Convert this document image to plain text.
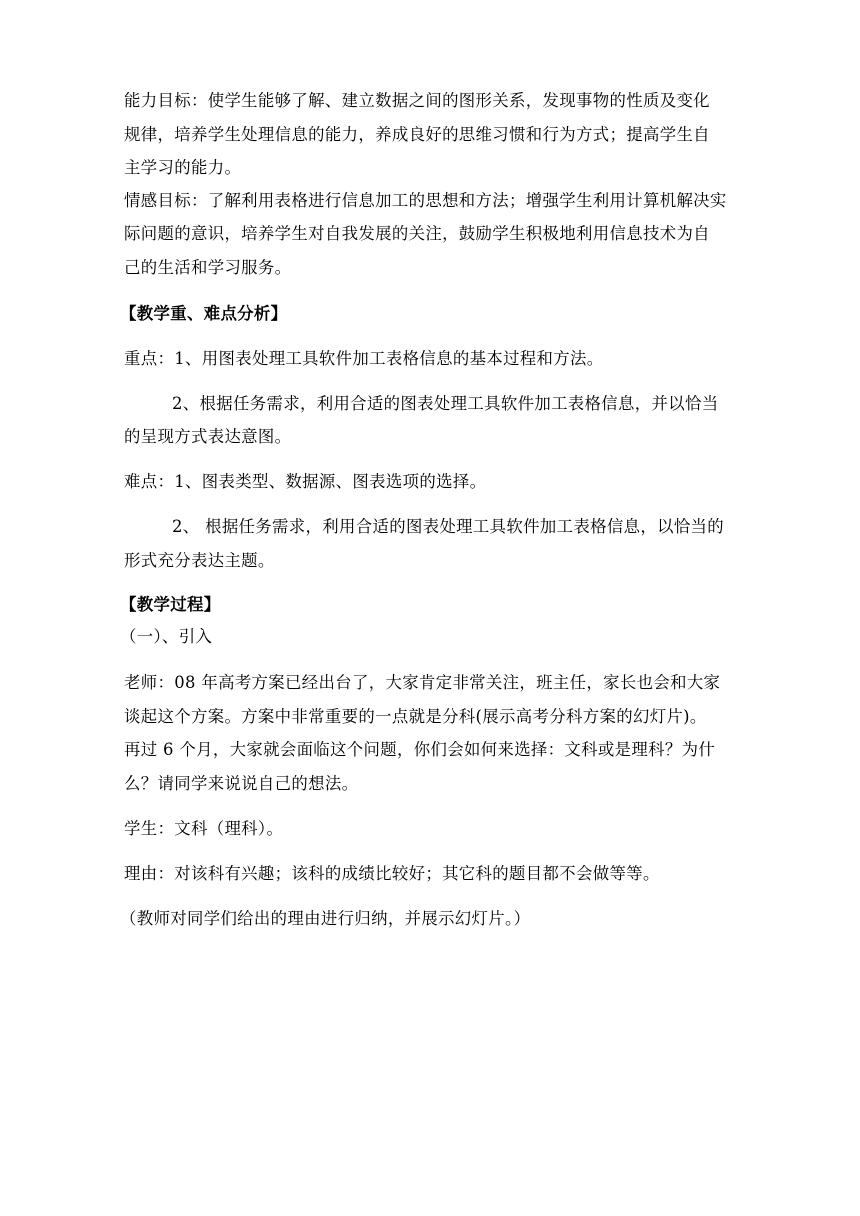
能力目标：使学生能够了解、建立数据之间的图形关系，发现事物的性质及变化
规律，培养学生处理信息的能力，养成良好的思维习惯和行为方式；提高学生自
主学习的能力。
情感目标：了解利用表格进行信息加工的思想和方法；增强学生利用计算机解决实
际问题的意识，培养学生对自我发展的关注，鼓励学生积极地利用信息技术为自
己的生活和学习服务。
【教学重、难点分析】
重点：1、用图表处理工具软件加工表格信息的基本过程和方法。
2、根据任务需求，利用合适的图表处理工具软件加工表格信息，并以恰当
的呈现方式表达意图。
难点：1、图表类型、数据源、图表选项的选择。
2、 根据任务需求，利用合适的图表处理工具软件加工表格信息，以恰当的
形式充分表达主题。
【教学过程】
（一）、引入
老师：08 年高考方案已经出台了，大家肯定非常关注，班主任，家长也会和大家
谈起这个方案。方案中非常重要的一点就是分科(展示高考分科方案的幻灯片)。
再过 6 个月，大家就会面临这个问题，你们会如何来选择：文科或是理科？为什
么？请同学来说说自己的想法。
学生：文科（理科）。
理由：对该科有兴趣；该科的成绩比较好；其它科的题目都不会做等等。
（教师对同学们给出的理由进行归纳，并展示幻灯片。）
